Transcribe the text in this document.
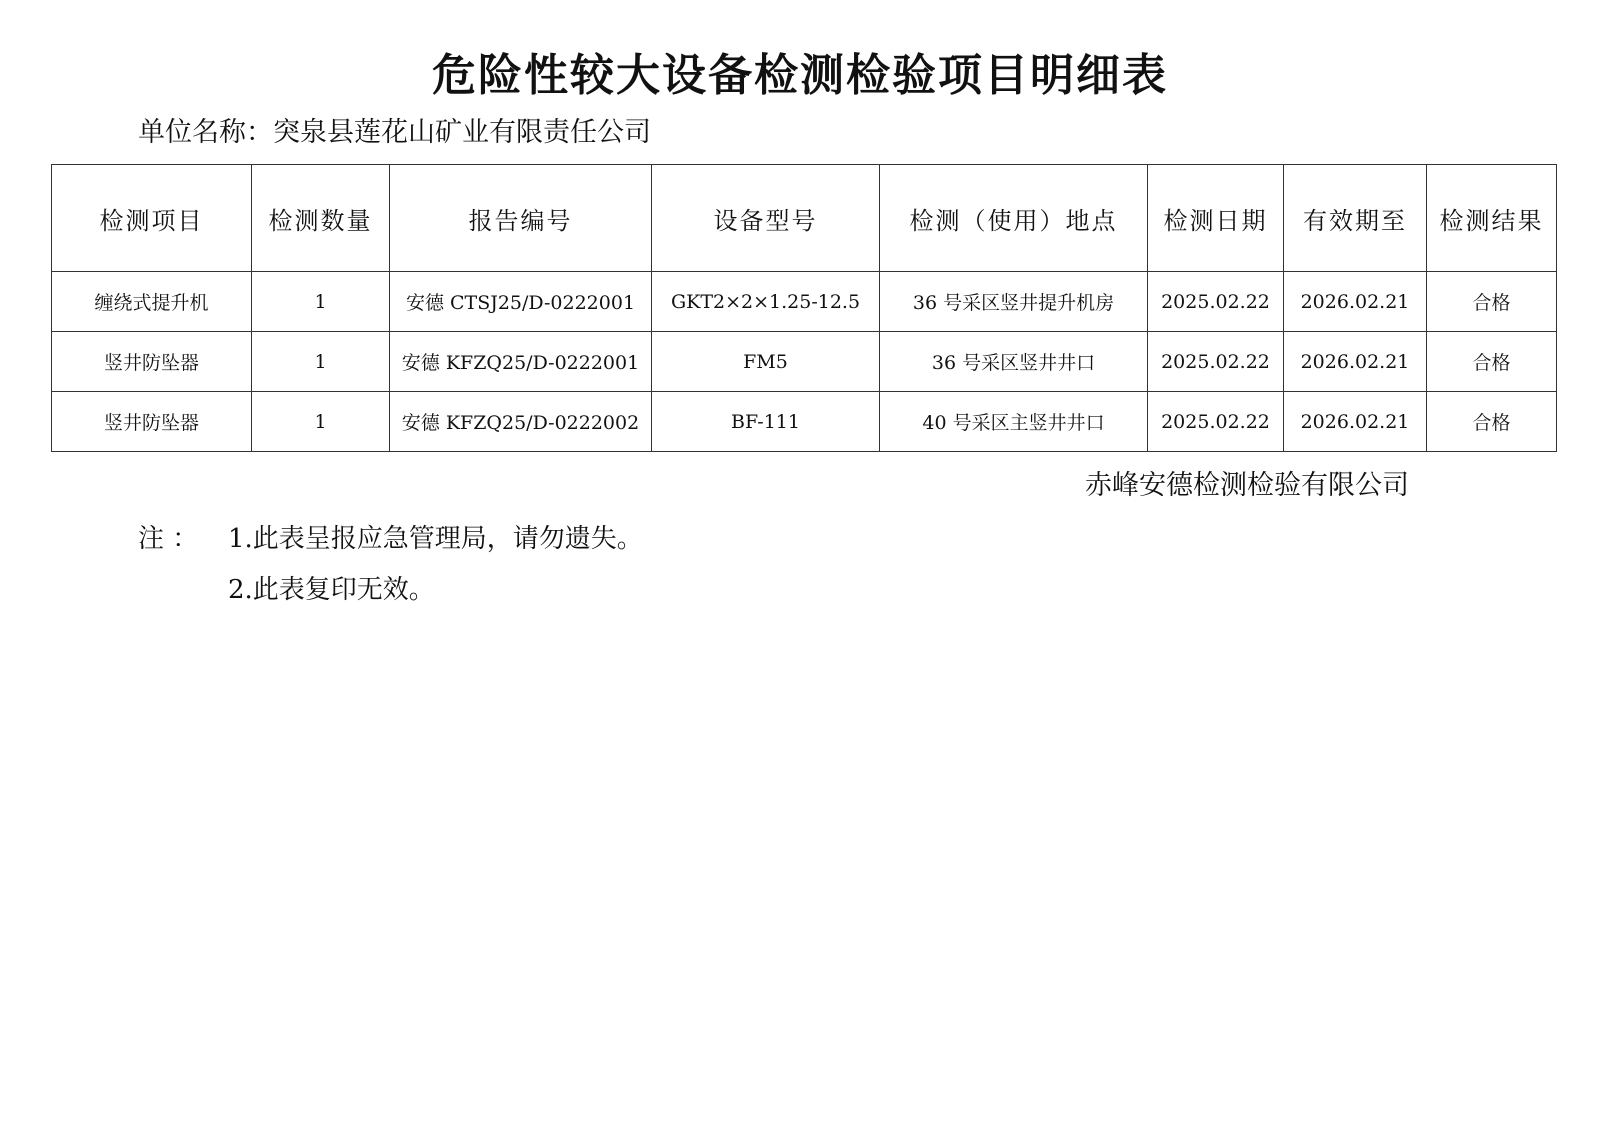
危险性较大设备检测检验项目明细表
单位名称：突泉县莲花山矿业有限责任公司
检测项目	检测数量	报告编号	设备型号	检测（使用）地点	检测日期	有效期至	检测结果
缠绕式提升机	1	安德 CTSJ25/D-0222001	GKT2×2×1.25-12.5	36 号采区竖井提升机房	2025.02.22	2026.02.21	合格
竖井防坠器	1	安德 KFZQ25/D-0222001	FM5	36 号采区竖井井口	2025.02.22	2026.02.21	合格
竖井防坠器	1	安德 KFZQ25/D-0222002	BF-111	40 号采区主竖井井口	2025.02.22	2026.02.21	合格
赤峰安德检测检验有限公司
注 ： 1.此表呈报应急管理局，请勿遗失。
2.此表复印无效。
